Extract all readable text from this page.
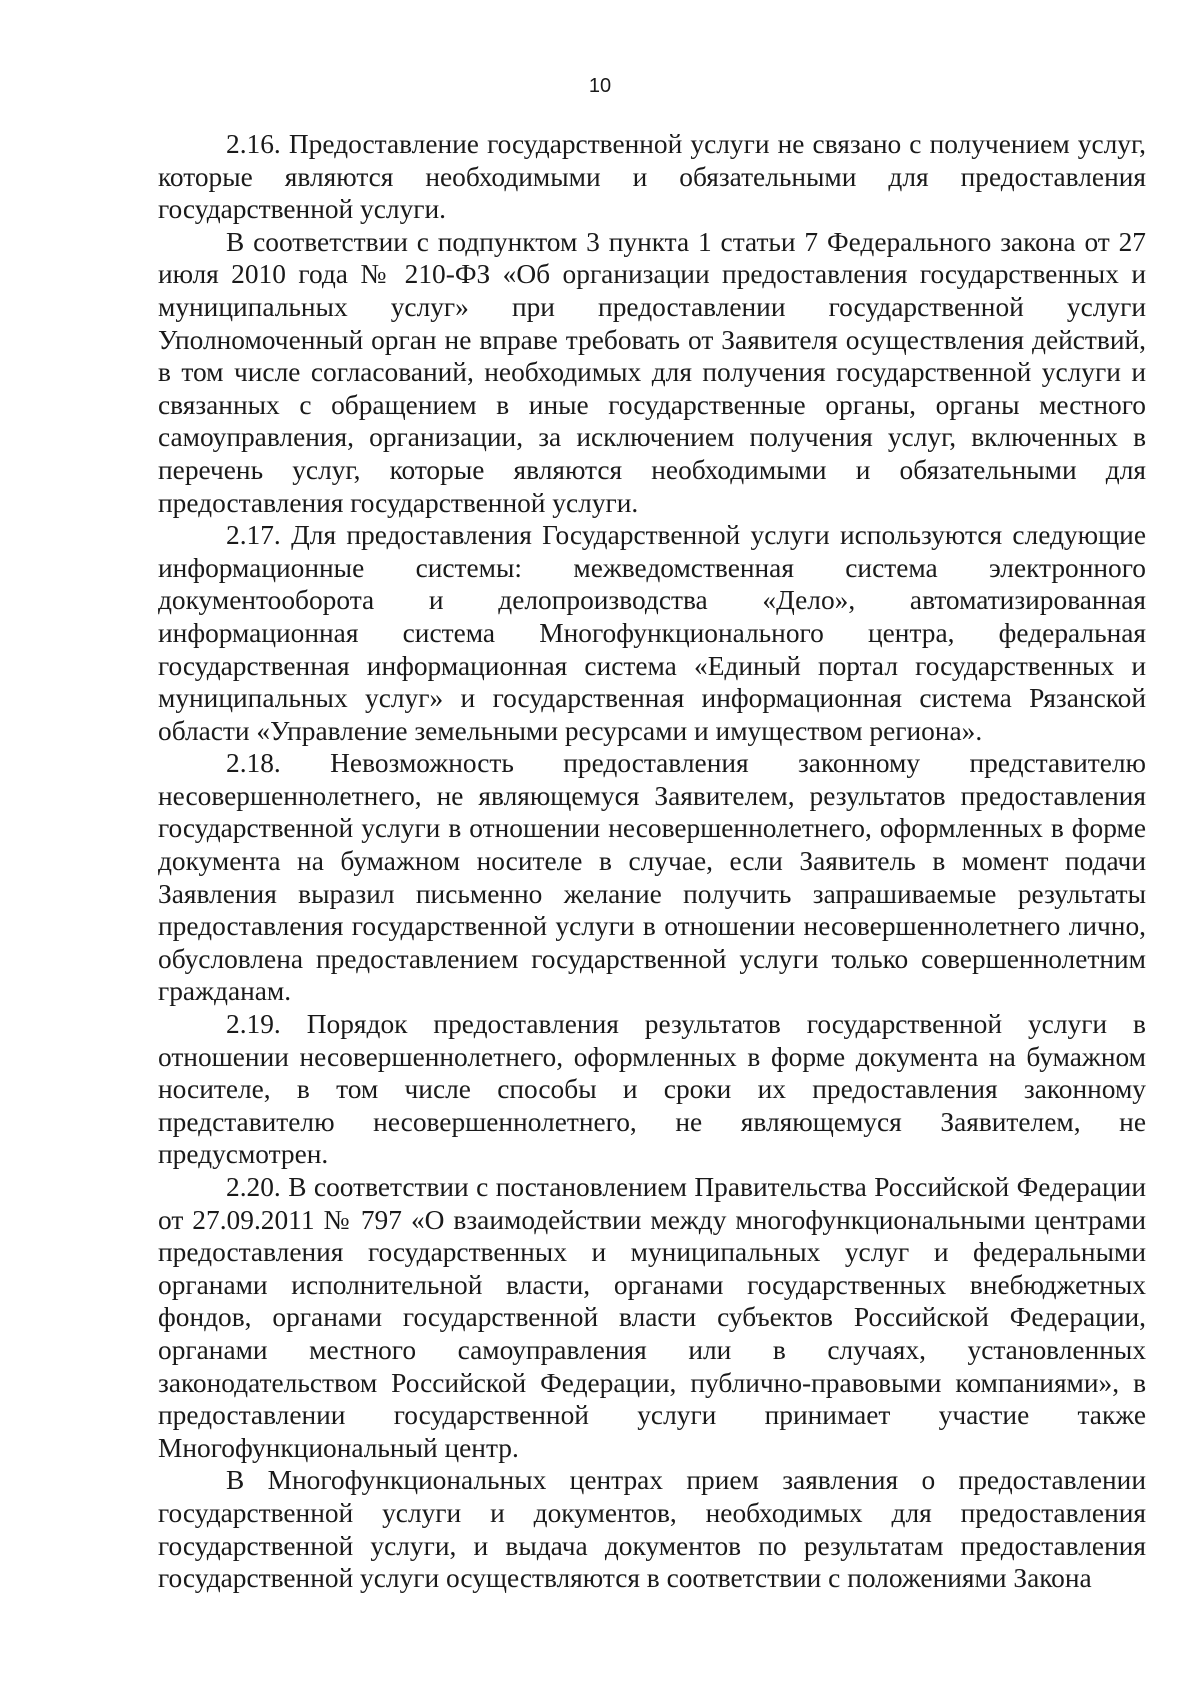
10

2.16. Предоставление государственной услуги не связано с получением услуг, которые являются необходимыми и обязательными для предоставления государственной услуги.

В соответствии с подпунктом 3 пункта 1 статьи 7 Федерального закона от 27 июля 2010 года № 210-ФЗ «Об организации предоставления государственных и муниципальных услуг» при предоставлении государственной услуги Уполномоченный орган не вправе требовать от Заявителя осуществления действий, в том числе согласований, необходимых для получения государственной услуги и связанных с обращением в иные государственные органы, органы местного самоуправления, организации, за исключением получения услуг, включенных в перечень услуг, которые являются необходимыми и обязательными для предоставления государственной услуги.

2.17. Для предоставления Государственной услуги используются следующие информационные системы: межведомственная система электронного документооборота и делопроизводства «Дело», автоматизированная информационная система Многофункционального центра, федеральная государственная информационная система «Единый портал государственных и муниципальных услуг» и государственная информационная система Рязанской области «Управление земельными ресурсами и имуществом региона».

2.18. Невозможность предоставления законному представителю несовершеннолетнего, не являющемуся Заявителем, результатов предоставления государственной услуги в отношении несовершеннолетнего, оформленных в форме документа на бумажном носителе в случае, если Заявитель в момент подачи Заявления выразил письменно желание получить запрашиваемые результаты предоставления государственной услуги в отношении несовершеннолетнего лично, обусловлена предоставлением государственной услуги только совершеннолетним гражданам.

2.19. Порядок предоставления результатов государственной услуги в отношении несовершеннолетнего, оформленных в форме документа на бумажном носителе, в том числе способы и сроки их предоставления законному представителю несовершеннолетнего, не являющемуся Заявителем, не предусмотрен.

2.20. В соответствии с постановлением Правительства Российской Федерации от 27.09.2011 № 797 «О взаимодействии между многофункциональными центрами предоставления государственных и муниципальных услуг и федеральными органами исполнительной власти, органами государственных внебюджетных фондов, органами государственной власти субъектов Российской Федерации, органами местного самоуправления или в случаях, установленных законодательством Российской Федерации, публично-правовыми компаниями», в предоставлении государственной услуги принимает участие также Многофункциональный центр.

В Многофункциональных центрах прием заявления о предоставлении государственной услуги и документов, необходимых для предоставления государственной услуги, и выдача документов по результатам предоставления государственной услуги осуществляются в соответствии с положениями Закона
